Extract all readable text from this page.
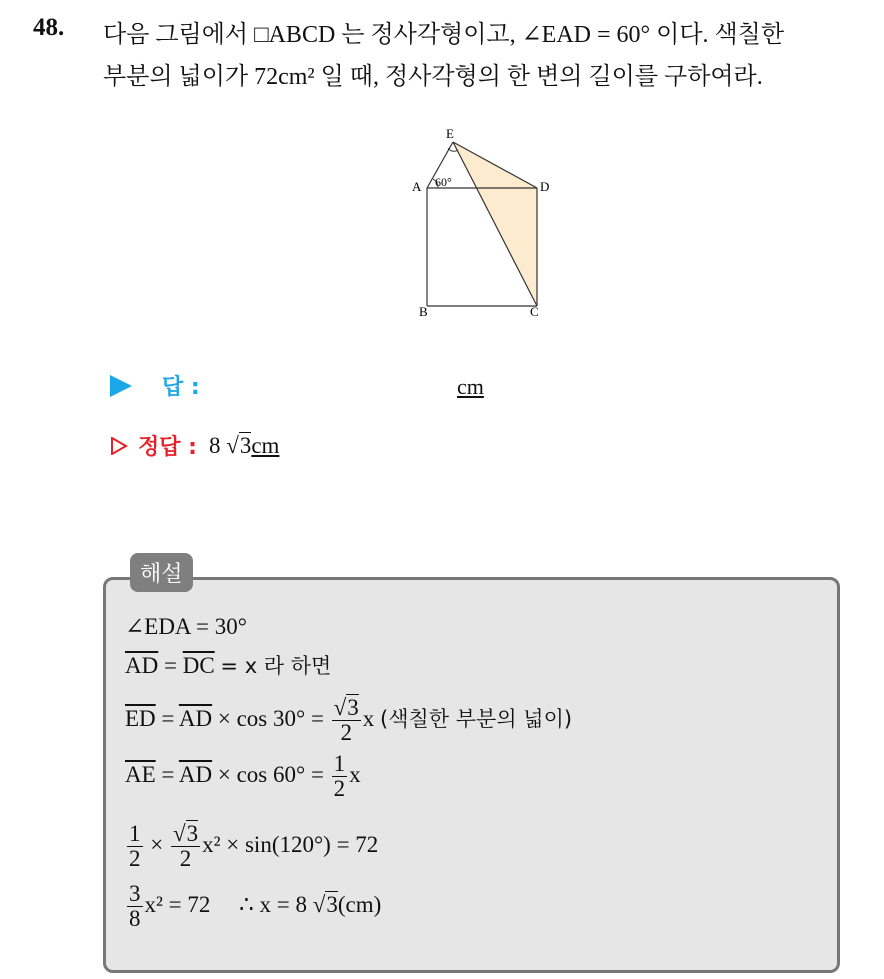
48. 다음 그림에서 □ABCD 는 정사각형이고, ∠EAD = 60° 이다. 색칠한
부분의 넓이가 72cm² 일 때, 정사각형의 한 변의 길이를 구하여라.
E
A	D
B	C
60°
답 :	cm
정답 : 8 √3cm
해설
∠EDA = 30°
$\overline{AD} = \overline{DC} = x$ 라 하면
$\overline{ED} = \overline{AD} \times \cos 30^\circ = \frac{√3}{2}$ x (색칠한 부분의 넓이)
$\overline{AE} = \overline{AD} \times \cos 60^\circ = \frac{1}{2}$ x
$\frac{1}{2} \times \frac{√3}{2} x^2 \times \sin(120^\circ) = 72$
$\frac{3}{8} x^2 = 72$ ∴ x = 8 √3(cm)
